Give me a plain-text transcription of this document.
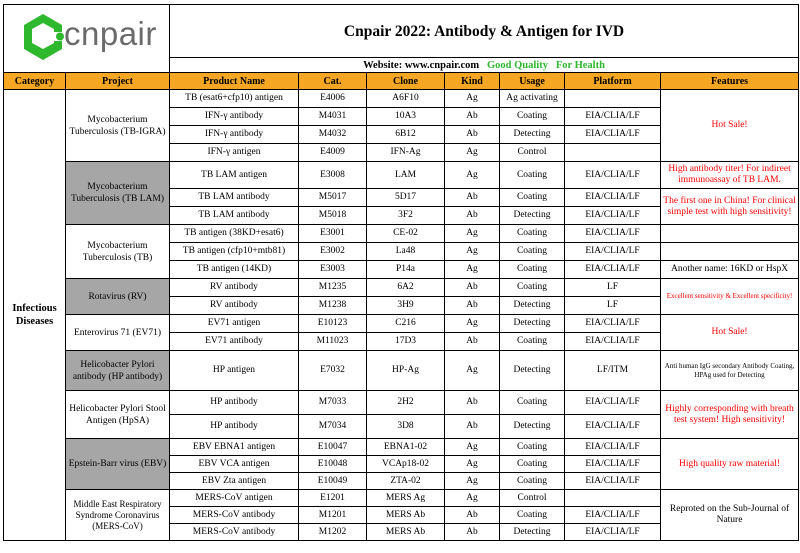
cnpair		Cnpair 2022: Antibody & Antigen for IVD						
		Website: www.cnpair.com Good Quality For Health						
Category	Project	Product Name	Cat.	Clone	Kind	Usage	Platform	Features
Infectious Diseases	Mycobacterium Tuberculosis (TB-IGRA)	TB (esat6+cfp10) antigen	E4006	A6F10	Ag	Ag activating		Hot Sale!
		IFN-γ antibody	M4031	10A3	Ab	Coating	EIA/CLIA/LF	
		IFN-γ antibody	M4032	6B12	Ab	Detecting	EIA/CLIA/LF	
		IFN-γ antigen	E4009	IFN-Ag	Ag	Control		
	Mycobacterium Tuberculosis (TB LAM)	TB LAM antigen	E3008	LAM	Ag	Coating	EIA/CLIA/LF	High antibody titer! For indireet immunoassay of TB LAM.
		TB LAM antibody	M5017	5D17	Ab	Coating	EIA/CLIA/LF	The first one in China! For clinical simple test with high sensitivity!
		TB LAM antibody	M5018	3F2	Ab	Detecting	EIA/CLIA/LF	
	Mycobacterium Tuberculosis (TB)	TB antigen (38KD+esat6)	E3001	CE-02	Ag	Coating	EIA/CLIA/LF	
		TB antigen (cfp10+mtb81)	E3002	La48	Ag	Coating	EIA/CLIA/LF	
		TB antigen (14KD)	E3003	P14a	Ag	Coating	EIA/CLIA/LF	Another name: 16KD or HspX
	Rotavirus (RV)	RV antibody	M1235	6A2	Ab	Coating	LF	Excellent sensitivity & Excellent specificity!
		RV antibody	M1238	3H9	Ab	Detecting	LF	
	Enterovirus 71 (EV71)	EV71 antigen	E10123	C216	Ag	Detecting	EIA/CLIA/LF	Hot Sale!
		EV71 antibody	M11023	17D3	Ab	Coating	EIA/CLIA/LF	
	Helicobacter Pylori antibody (HP antibody)	HP antigen	E7032	HP-Ag	Ag	Detecting	LF/ITM	Anti human IgG secondary Antibody Coating, HPAg used for Detecting
	Helicobacter Pylori Stool Antigen (HpSA)	HP antibody	M7033	2H2	Ab	Coating	EIA/CLIA/LF	Highly corresponding with breath test system! High sensitivity!
		HP antibody	M7034	3D8	Ab	Detecting	EIA/CLIA/LF	
	Epstein-Barr virus (EBV)	EBV EBNA1 antigen	E10047	EBNA1-02	Ag	Coating	EIA/CLIA/LF	High quality raw material!
		EBV VCA antigen	E10048	VCAp18-02	Ag	Coating	EIA/CLIA/LF	
		EBV Zta antigen	E10049	ZTA-02	Ag	Coating	EIA/CLIA/LF	
	Middle East Respiratory Syndrome Coronavirus (MERS-CoV)	MERS-CoV antigen	E1201	MERS Ag	Ag	Control		Reproted on the Sub-Journal of Nature
		MERS-CoV antibody	M1201	MERS Ab	Ab	Coating	EIA/CLIA/LF	
		MERS-CoV antibody	M1202	MERS Ab	Ab	Detecting	EIA/CLIA/LF	
